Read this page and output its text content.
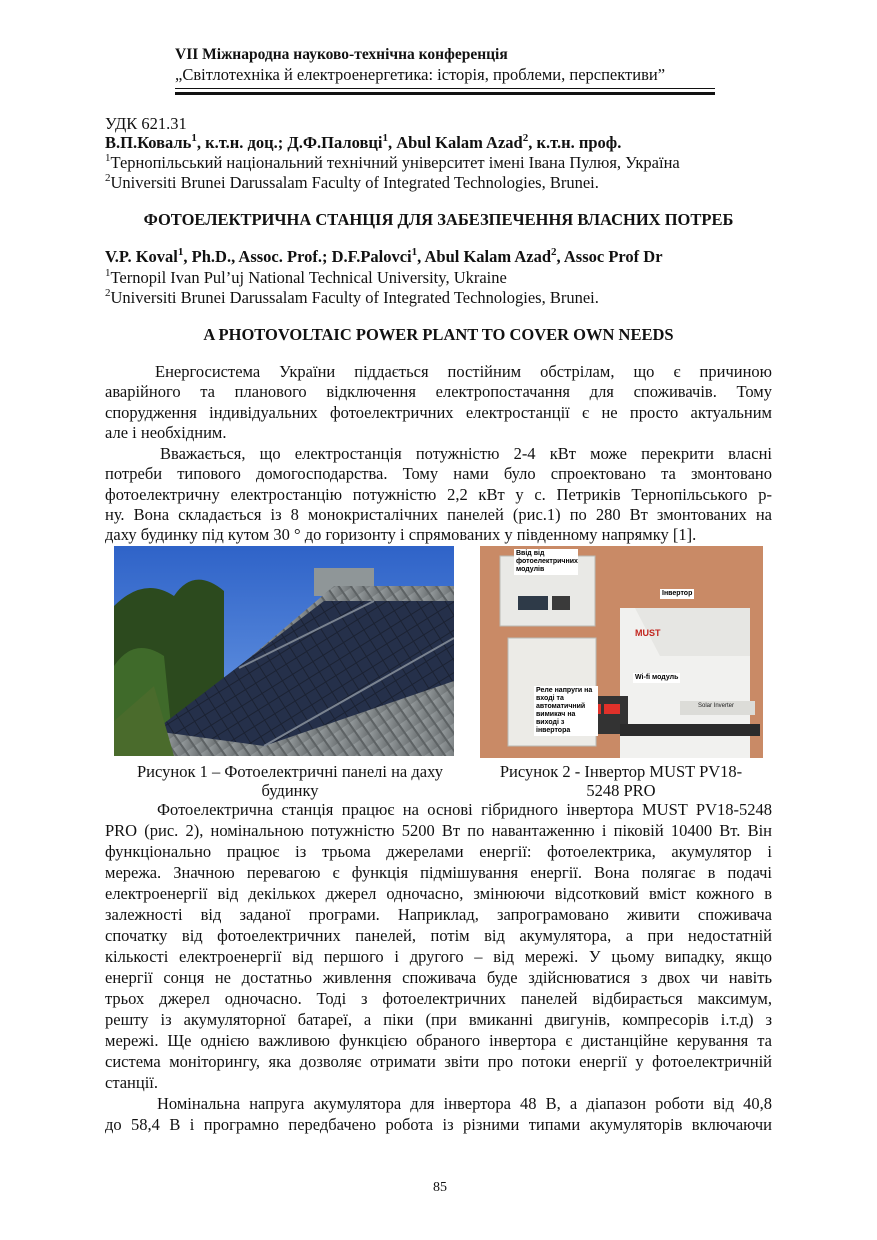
VII Міжнародна науково-технічна конференція
„Світлотехніка й електроенергетика: історія, проблеми, перспективи”
УДК 621.31
В.П.Коваль$^1$, к.т.н. доц.; Д.Ф.Паловці$^1$, Abul Kalam Azad$^2$, к.т.н. проф.
$^1$Тернопільський національний технічний університет імені Івана Пулюя, Україна
$^2$Universiti Brunei Darussalam Faculty of Integrated Technologies, Brunei.
ФОТОЕЛЕКТРИЧНА СТАНЦІЯ ДЛЯ ЗАБЕЗПЕЧЕННЯ ВЛАСНИХ ПОТРЕБ
V.P. Koval$^1$, Ph.D., Assoc. Prof.; D.F.Palovci$^1$, Abul Kalam Azad$^2$, Assoc Prof Dr
$^1$Ternopil Ivan Pul’uj National Technical University, Ukraine
$^2$Universiti Brunei Darussalam Faculty of Integrated Technologies, Brunei.
A PHOTOVOLTAIC POWER PLANT TO COVER OWN NEEDS
Енергосистема України піддається постійним обстрілам, що є причиною
аварійного та планового відключення електропостачання для споживачів. Тому
спорудження індивідуальних фотоелектричних електростанції є не просто актуальним
але і необхідним.
Вважається, що електростанція потужністю 2-4 кВт може перекрити власні
потреби типового домогосподарства. Тому нами було спроектовано та змонтовано
фотоелектричну електростанцію потужністю 2,2 кВт у с. Петриків Тернопільського р-
ну. Вона складається із 8 монокристалічних панелей (рис.1) по 280 Вт змонтованих на
даху будинку під кутом 30 ° до горизонту і спрямованих у південному напрямку [1].
Ввід від фотоелектричних модулів
Інвертор
Wi-fi модуль
Реле напруги на вході та автоматичний вимикач на виході з інвертора
MUST
Solar Inverter
Рисунок 1 – Фотоелектричні панелі на даху
будинку
Рисунок 2 - Інвертор MUST PV18-
5248 PRO
Фотоелектрична станція працює на основі гібридного інвертора MUST PV18-5248
PRO (рис. 2), номінальною потужністю 5200 Вт по навантаженню і піковій 10400 Вт. Він
функціонально працює із трьома джерелами енергії: фотоелектрика, акумулятор і
мережа. Значною перевагою є функція підмішування енергії. Вона полягає в подачі
електроенергії від декількох джерел одночасно, змінюючи відсотковий вміст кожного в
залежності від заданої програми. Наприклад, запрограмовано живити споживача
спочатку від фотоелектричних панелей, потім від акумулятора, а при недостатній
кількості електроенергії від першого і другого – від мережі. У цьому випадку, якщо
енергії сонця не достатньо живлення споживача буде здійснюватися з двох чи навіть
трьох джерел одночасно. Тоді з фотоелектричних панелей відбирається максимум,
решту із акумуляторної батареї, а піки (при вмиканні двигунів, компресорів і.т.д) з
мережі. Ще однією важливою функцією обраного інвертора є дистанційне керування та
система моніторингу, яка дозволяє отримати звіти про потоки енергії у фотоелектричній
станції.
Номінальна напруга акумулятора для інвертора 48 В, а діапазон роботи від 40,8
до 58,4 В і програмно передбачено робота із різними типами акумуляторів включаючи
85
